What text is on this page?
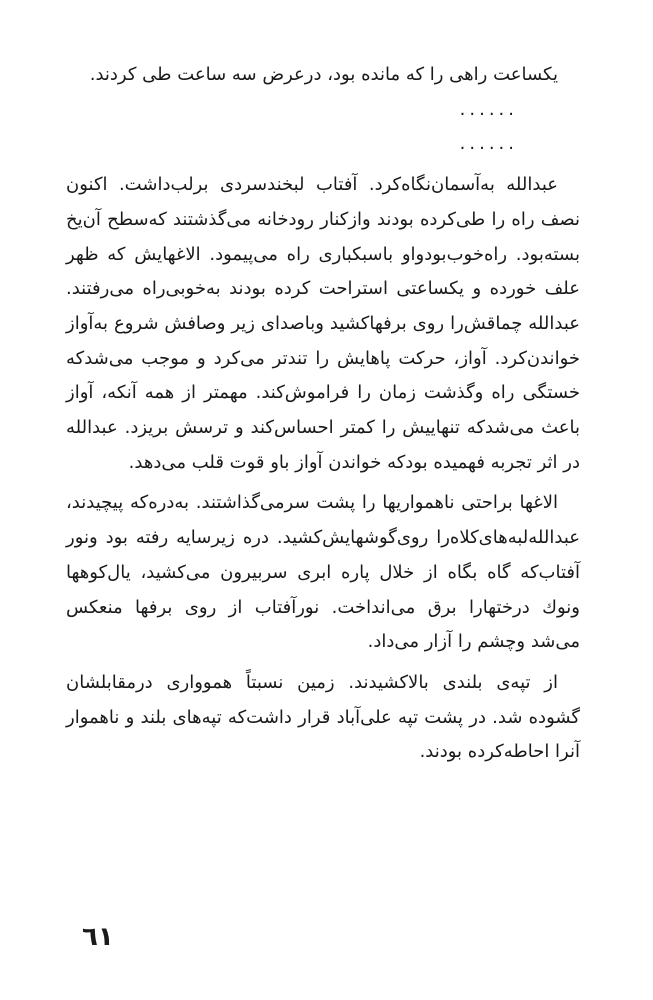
یکساعت راهی را که مانده بود، درعرض سه ساعت طی کردند.

......

......

عبدالله به‌آسمان‌نگاه‌کرد. آفتاب لبخندسردی برلب‌داشت. اکنون نصف راه را طی‌کرده بودند وازکنار رودخانه می‌گذشتند که‌سطح آن‌یخ بسته‌بود. راه‌خوب‌بودواو باسبکباری راه می‌پیمود. الاغهایش که ظهر علف خورده و یکساعتی استراحت کرده بودند به‌خوبی‌راه می‌رفتند. عبدالله چماقش‌را روی برفهاکشید وباصدای زیر وصافش شروع به‌آواز خواندن‌کرد. آواز، حرکت پاهایش را تندتر می‌کرد و موجب می‌شدکه خستگی راه وگذشت زمان را فراموش‌کند. مهمتر از همه آنکه، آواز باعث می‌شدکه تنهاییش را کمتر احساس‌کند و ترسش بریزد. عبدالله در اثر تجربه فهمیده بودکه خواندن آواز باو قوت قلب می‌دهد.

الاغها براحتی ناهمواریها را پشت سرمی‌گذاشتند. به‌دره‌که پیچیدند، عبدالله‌لبه‌های‌کلاه‌را روی‌گوشهایش‌کشید. دره زیرسایه رفته بود ونور آفتاب‌که گاه بگاه از خلال پاره ابری سربیرون می‌کشید، یال‌کوهها ونوك درختهارا برق می‌انداخت. نورآفتاب از روی برفها منعکس می‌شد وچشم را آزار می‌داد.

از تپه‌ی بلندی بالاکشیدند. زمین نسبتاً هموواری درمقابلشان گشوده شد. در پشت تپه علی‌آباد قرار داشت‌که تپه‌های بلند و ناهموار آنرا احاطه‌کرده بودند.

٦١
